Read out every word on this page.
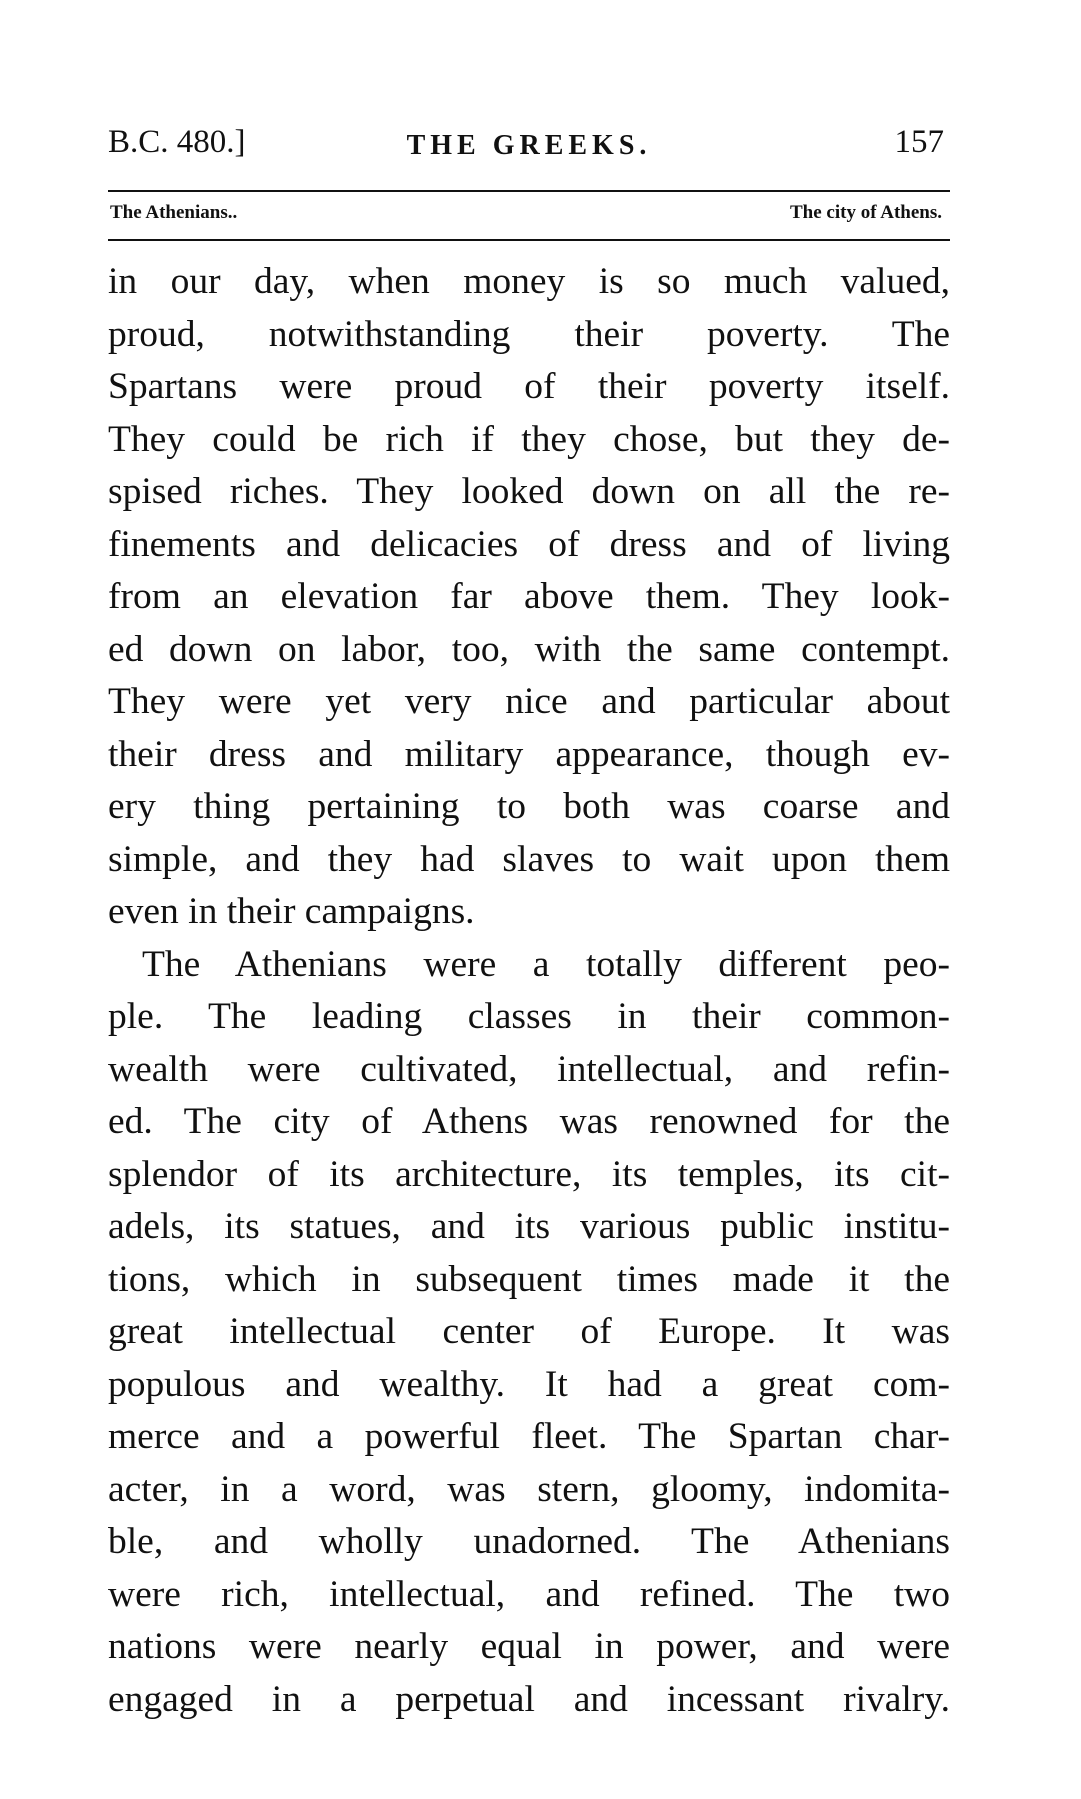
B.C. 480.]	THE GREEKS.	157
The Athenians..	The city of Athens.
in our day, when money is so much valued,
proud, notwithstanding their poverty. The
Spartans were proud of their poverty itself.
They could be rich if they chose, but they de-
spised riches. They looked down on all the re-
finements and delicacies of dress and of living
from an elevation far above them. They look-
ed down on labor, too, with the same contempt.
They were yet very nice and particular about
their dress and military appearance, though ev-
ery thing pertaining to both was coarse and
simple, and they had slaves to wait upon them
even in their campaigns.
The Athenians were a totally different peo-
ple. The leading classes in their common-
wealth were cultivated, intellectual, and refin-
ed. The city of Athens was renowned for the
splendor of its architecture, its temples, its cit-
adels, its statues, and its various public institu-
tions, which in subsequent times made it the
great intellectual center of Europe. It was
populous and wealthy. It had a great com-
merce and a powerful fleet. The Spartan char-
acter, in a word, was stern, gloomy, indomita-
ble, and wholly unadorned. The Athenians
were rich, intellectual, and refined. The two
nations were nearly equal in power, and were
engaged in a perpetual and incessant rivalry.
